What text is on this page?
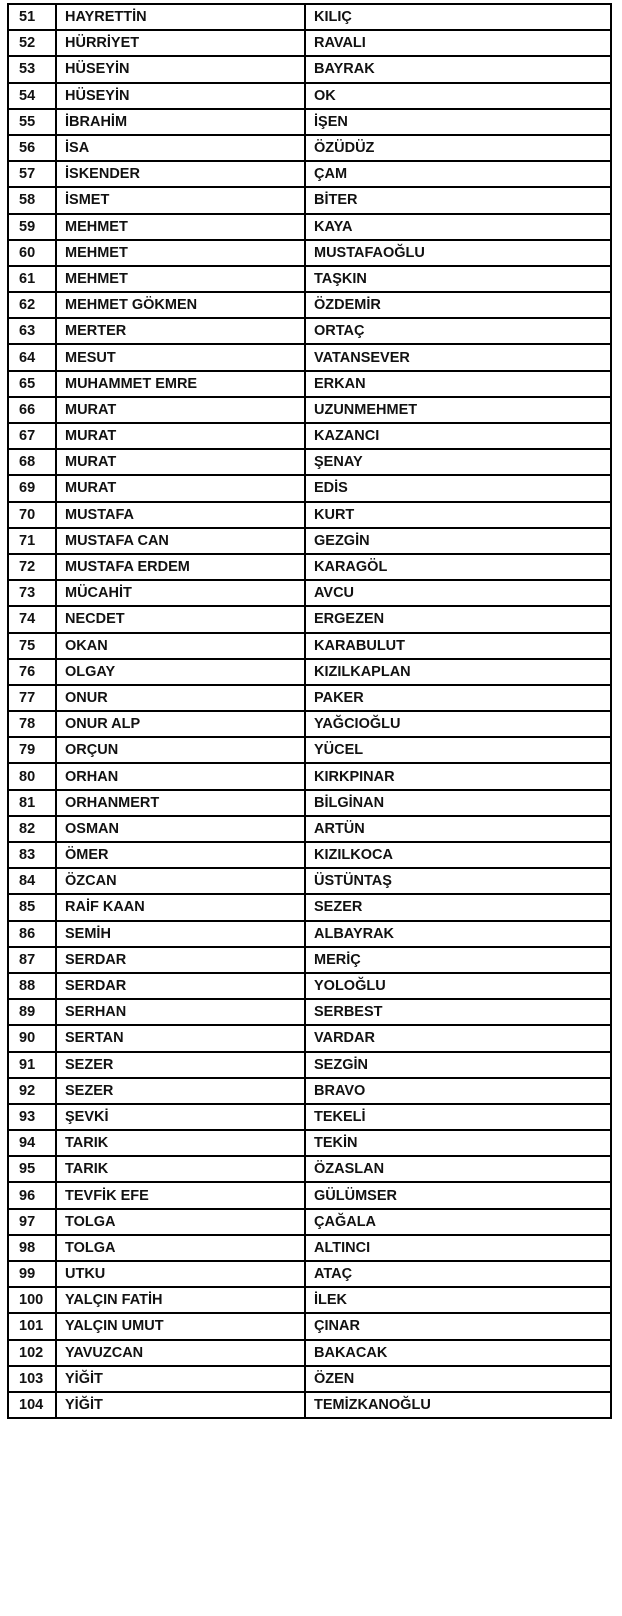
51	HAYRETTİN	KILIÇ
52	HÜRRİYET	RAVALI
53	HÜSEYİN	BAYRAK
54	HÜSEYİN	OK
55	İBRAHİM	İŞEN
56	İSA	ÖZÜDÜZ
57	İSKENDER	ÇAM
58	İSMET	BİTER
59	MEHMET	KAYA
60	MEHMET	MUSTAFAOĞLU
61	MEHMET	TAŞKIN
62	MEHMET GÖKMEN	ÖZDEMİR
63	MERTER	ORTAÇ
64	MESUT	VATANSEVER
65	MUHAMMET EMRE	ERKAN
66	MURAT	UZUNMEHMET
67	MURAT	KAZANCI
68	MURAT	ŞENAY
69	MURAT	EDİS
70	MUSTAFA	KURT
71	MUSTAFA CAN	GEZGİN
72	MUSTAFA ERDEM	KARAGÖL
73	MÜCAHİT	AVCU
74	NECDET	ERGEZEN
75	OKAN	KARABULUT
76	OLGAY	KIZILKAPLAN
77	ONUR	PAKER
78	ONUR ALP	YAĞCIOĞLU
79	ORÇUN	YÜCEL
80	ORHAN	KIRKPINAR
81	ORHANMERT	BİLGİNAN
82	OSMAN	ARTÜN
83	ÖMER	KIZILKOCA
84	ÖZCAN	ÜSTÜNTAŞ
85	RAİF KAAN	SEZER
86	SEMİH	ALBAYRAK
87	SERDAR	MERİÇ
88	SERDAR	YOLOĞLU
89	SERHAN	SERBEST
90	SERTAN	VARDAR
91	SEZER	SEZGİN
92	SEZER	BRAVO
93	ŞEVKİ	TEKELİ
94	TARIK	TEKİN
95	TARIK	ÖZASLAN
96	TEVFİK EFE	GÜLÜMSER
97	TOLGA	ÇAĞALA
98	TOLGA	ALTINCI
99	UTKU	ATAÇ
100	YALÇIN FATİH	İLEK
101	YALÇIN UMUT	ÇINAR
102	YAVUZCAN	BAKACAK
103	YİĞİT	ÖZEN
104	YİĞİT	TEMİZKANOĞLU
